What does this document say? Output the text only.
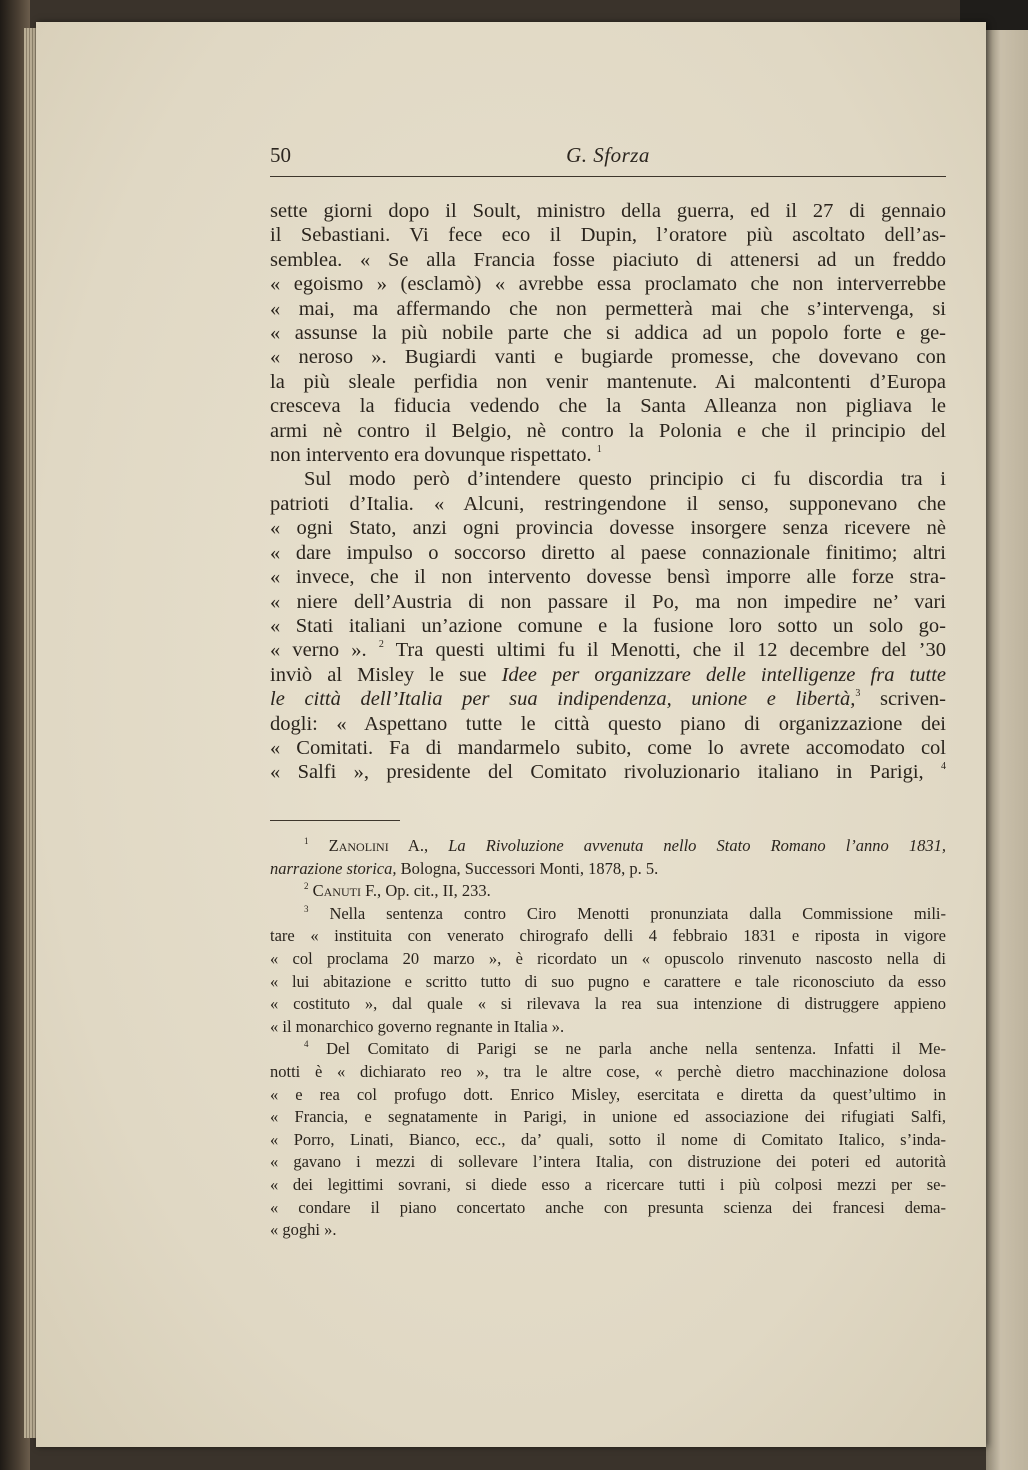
50	G. Sforza
sette giorni dopo il Soult, ministro della guerra, ed il 27 di gennaio
il Sebastiani. Vi fece eco il Dupin, l’oratore più ascoltato dell’as-
semblea. « Se alla Francia fosse piaciuto di attenersi ad un freddo
« egoismo » (esclamò) « avrebbe essa proclamato che non interverrebbe
« mai, ma affermando che non permetterà mai che s’intervenga, si
« assunse la più nobile parte che si addica ad un popolo forte e ge-
« neroso ». Bugiardi vanti e bugiarde promesse, che dovevano con
la più sleale perfidia non venir mantenute. Ai malcontenti d’Europa
cresceva la fiducia vedendo che la Santa Alleanza non pigliava le
armi nè contro il Belgio, nè contro la Polonia e che il principio del
non intervento era dovunque rispettato. $^1$
Sul modo però d’intendere questo principio ci fu discordia tra i
patrioti d’Italia. « Alcuni, restringendone il senso, supponevano che
« ogni Stato, anzi ogni provincia dovesse insorgere senza ricevere nè
« dare impulso o soccorso diretto al paese connazionale finitimo; altri
« invece, che il non intervento dovesse bensì imporre alle forze stra-
« niere dell’Austria di non passare il Po, ma non impedire ne’ vari
« Stati italiani un’azione comune e la fusione loro sotto un solo go-
« verno ». $^2$ Tra questi ultimi fu il Menotti, che il 12 decembre del ’30
inviò al Misley le sue Idee per organizzare delle intelligenze fra tutte
le città dell’Italia per sua indipendenza, unione e libertà,$^3$ scriven-
dogli: « Aspettano tutte le città questo piano di organizzazione dei
« Comitati. Fa di mandarmelo subito, come lo avrete accomodato col
« Salfi », presidente del Comitato rivoluzionario italiano in Parigi, $^4$
$^1$ Zanolini A., La Rivoluzione avvenuta nello Stato Romano l’anno 1831,
narrazione storica, Bologna, Successori Monti, 1878, p. 5.
$^2$ Canuti F., Op. cit., II, 233.
$^3$ Nella sentenza contro Ciro Menotti pronunziata dalla Commissione mili-
tare « instituita con venerato chirografo delli 4 febbraio 1831 e riposta in vigore
« col proclama 20 marzo », è ricordato un « opuscolo rinvenuto nascosto nella di
« lui abitazione e scritto tutto di suo pugno e carattere e tale riconosciuto da esso
« costituto », dal quale « si rilevava la rea sua intenzione di distruggere appieno
« il monarchico governo regnante in Italia ».
$^4$ Del Comitato di Parigi se ne parla anche nella sentenza. Infatti il Me-
notti è « dichiarato reo », tra le altre cose, « perchè dietro macchinazione dolosa
« e rea col profugo dott. Enrico Misley, esercitata e diretta da quest’ultimo in
« Francia, e segnatamente in Parigi, in unione ed associazione dei rifugiati Salfi,
« Porro, Linati, Bianco, ecc., da’ quali, sotto il nome di Comitato Italico, s’inda-
« gavano i mezzi di sollevare l’intera Italia, con distruzione dei poteri ed autorità
« dei legittimi sovrani, si diede esso a ricercare tutti i più colposi mezzi per se-
« condare il piano concertato anche con presunta scienza dei francesi dema-
« goghi ».
